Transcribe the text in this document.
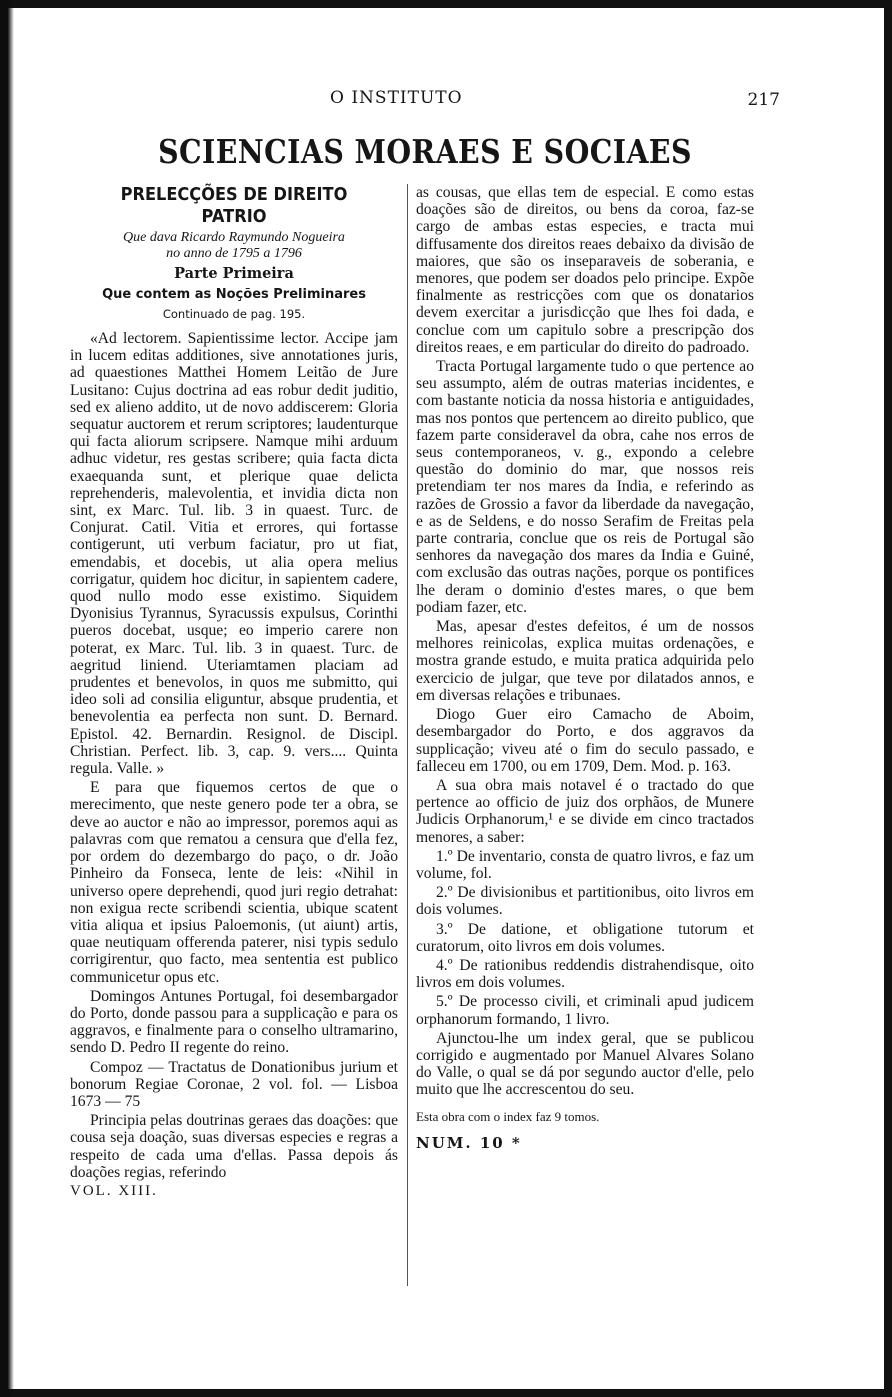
O INSTITUTO	217
SCIENCIAS MORAES E SOCIAES
PRELECÇÕES DE DIREITO PATRIO
Que dava Ricardo Raymundo Nogueira
no anno de 1795 a 1796
Parte Primeira
Que contem as Noções Preliminares
Continuado de pag. 195.

«Ad lectorem. Sapientissime lector. Accipe jam in lucem editas additiones, sive annotationes juris, ad quaestiones Matthei Homem Leitão de Jure Lusitano: Cujus doctrina ad eas robur dedit juditio, sed ex alieno addito, ut de novo addiscerem: Gloria sequatur auctorem et rerum scriptores; laudenturque qui facta aliorum scripsere. Namque mihi arduum adhuc videtur, res gestas scribere; quia facta dicta exaequanda sunt, et plerique quae delicta reprehenderis, malevolentia, et invidia dicta non sint, ex Marc. Tul. lib. 3 in quaest. Turc. de Conjurat. Catil. Vitia et errores, qui fortasse contigerunt, uti verbum faciatur, pro ut fiat, emendabis, et docebis, ut alia opera melius corrigatur, quidem hoc dicitur, in sapientem cadere, quod nullo modo esse existimo. Siquidem Dyonisius Tyrannus, Syracussis expulsus, Corinthi pueros docebat, usque; eo imperio carere non poterat, ex Marc. Tul. lib. 3 in quaest. Turc. de aegritud liniend. Uteriamtamen placiam ad prudentes et benevolos, in quos me submitto, qui ideo soli ad consilia eliguntur, absque prudentia, et benevolentia ea perfecta non sunt. D. Bernard. Epistol. 42. Bernardin. Resignol. de Discipl. Christian. Perfect. lib. 3, cap. 9. vers.... Quinta regula. Valle. »

E para que fiquemos certos de que o merecimento, que neste genero pode ter a obra, se deve ao auctor e não ao impressor, poremos aqui as palavras com que rematou a censura que d'ella fez, por ordem do dezembargo do paço, o dr. João Pinheiro da Fonseca, lente de leis: «Nihil in universo opere deprehendi, quod juri regio detrahat: non exigua recte scribendi scientia, ubique scatent vitia aliqua et ipsius Paloemonis, (ut aiunt) artis, quae neutiquam offerenda paterer, nisi typis sedulo corrigirentur, quo facto, mea sententia est publico communicetur opus etc.

Domingos Antunes Portugal, foi desembargador do Porto, donde passou para a supplicação e para os aggravos, e finalmente para o conselho ultramarino, sendo D. Pedro II regente do reino.

Compoz — Tractatus de Donationibus jurium et bonorum Regiae Coronae, 2 vol. fol. — Lisboa 1673 — 75

Principia pelas doutrinas geraes das doações: que cousa seja doação, suas diversas especies e regras a respeito de cada uma d'ellas. Passa depois ás doações regias, referindo

VOL. XIII.

as cousas, que ellas tem de especial. E como estas doações são de direitos, ou bens da coroa, faz-se cargo de ambas estas especies, e tracta mui diffusamente dos direitos reaes debaixo da divisão de maiores, que são os inseparaveis de soberania, e menores, que podem ser doados pelo principe. Expõe finalmente as restricções com que os donatarios devem exercitar a jurisdicção que lhes foi dada, e conclue com um capitulo sobre a prescripção dos direitos reaes, e em particular do direito do padroado.

Tracta Portugal largamente tudo o que pertence ao seu assumpto, além de outras materias incidentes, e com bastante noticia da nossa historia e antiguidades, mas nos pontos que pertencem ao direito publico, que fazem parte consideravel da obra, cahe nos erros de seus contemporaneos, v. g., expondo a celebre questão do dominio do mar, que nossos reis pretendiam ter nos mares da India, e referindo as razões de Grossio a favor da liberdade da navegação, e as de Seldens, e do nosso Serafim de Freitas pela parte contraria, conclue que os reis de Portugal são senhores da navegação dos mares da India e Guiné, com exclusão das outras nações, porque os pontifices lhe deram o dominio d'estes mares, o que bem podiam fazer, etc.

Mas, apesar d'estes defeitos, é um de nossos melhores reinicolas, explica muitas ordenações, e mostra grande estudo, e muita pratica adquirida pelo exercicio de julgar, que teve por dilatados annos, e em diversas relações e tribunaes.

Diogo Guer eiro Camacho de Aboim, desembargador do Porto, e dos aggravos da supplicação; viveu até o fim do seculo passado, e falleceu em 1700, ou em 1709, Dem. Mod. p. 163.

A sua obra mais notavel é o tractado do que pertence ao officio de juiz dos orphãos, de Munere Judicis Orphanorum,¹ e se divide em cinco tractados menores, a saber:

1.º De inventario, consta de quatro livros, e faz um volume, fol.

2.º De divisionibus et partitionibus, oito livros em dois volumes.

3.º De datione, et obligatione tutorum et curatorum, oito livros em dois volumes.

4.º De rationibus reddendis distrahendisque, oito livros em dois volumes.

5.º De processo civili, et criminali apud judicem orphanorum formando, 1 livro.

Ajunctou-lhe um index geral, que se publicou corrigido e augmentado por Manuel Alvares Solano do Valle, o qual se dá por segundo auctor d'elle, pelo muito que lhe accrescentou do seu.

Esta obra com o index faz 9 tomos.

NUM. 10 *
